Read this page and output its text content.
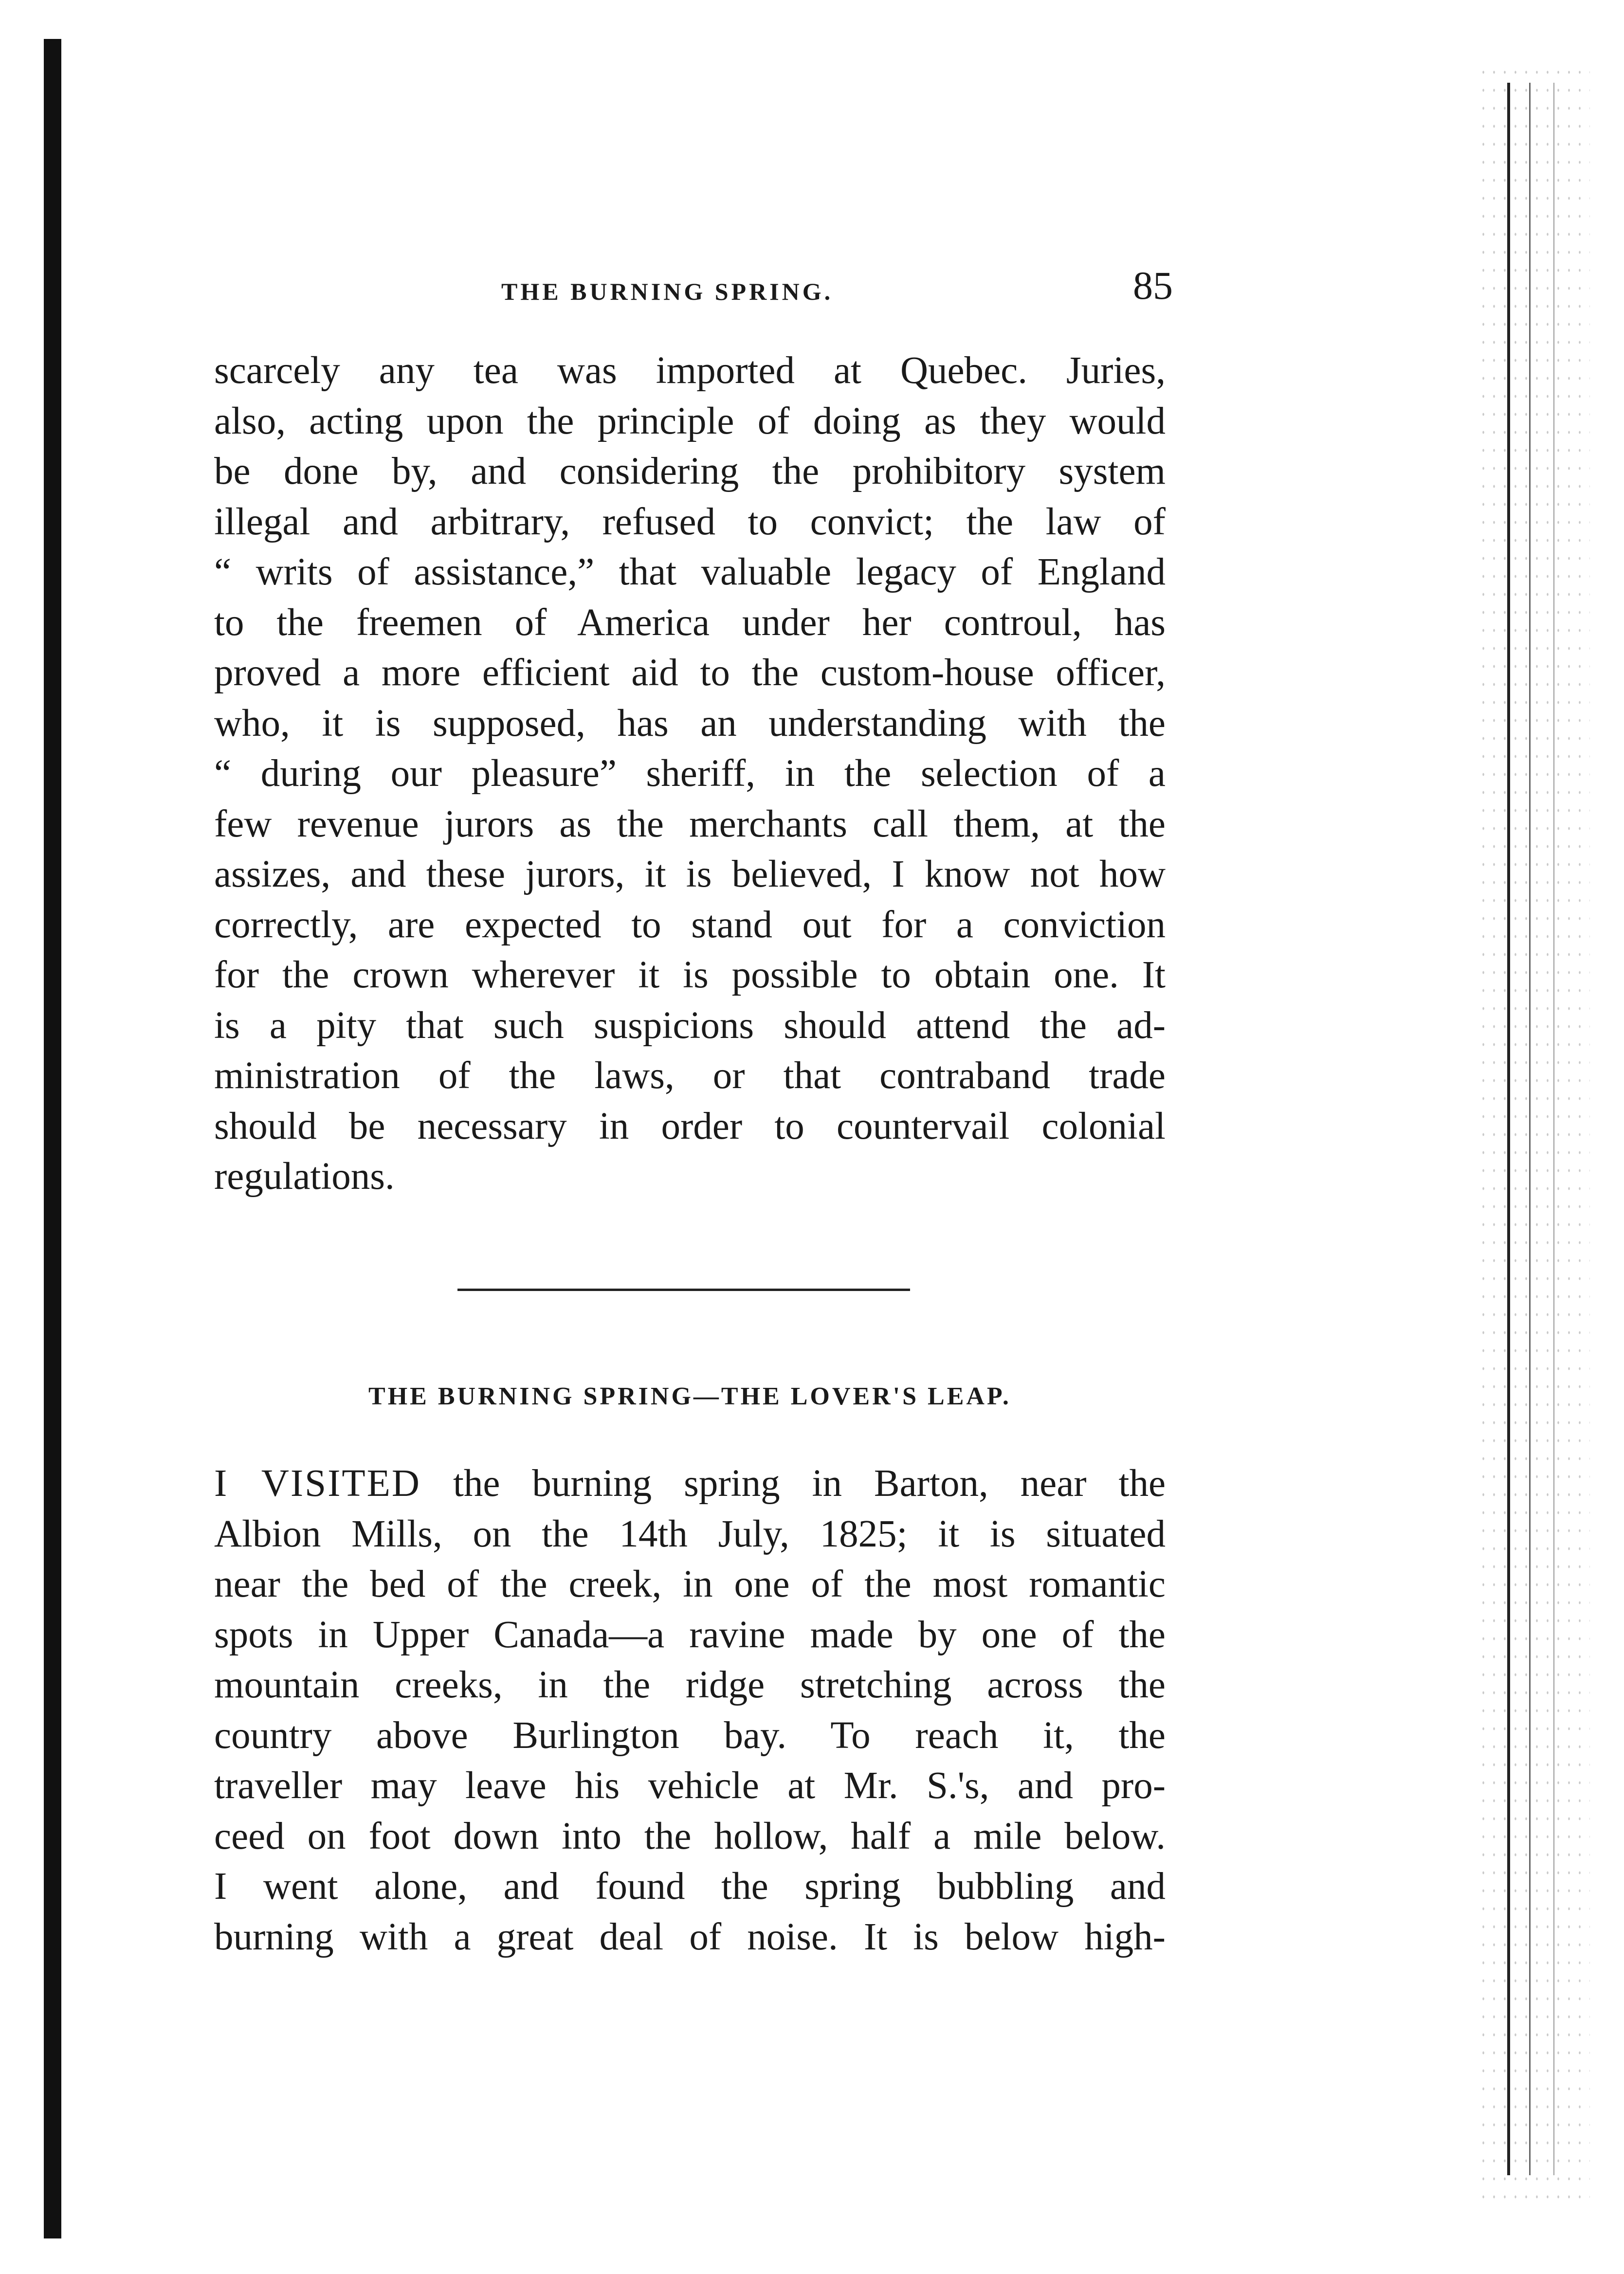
THE BURNING SPRING.	85
scarcely any tea was imported at Quebec. Juries,
also, acting upon the principle of doing as they would
be done by, and considering the prohibitory system
illegal and arbitrary, refused to convict; the law of
“ writs of assistance,” that valuable legacy of England
to the freemen of America under her controul, has
proved a more efficient aid to the custom-house officer,
who, it is supposed, has an understanding with the
“ during our pleasure” sheriff, in the selection of a
few revenue jurors as the merchants call them, at the
assizes, and these jurors, it is believed, I know not how
correctly, are expected to stand out for a conviction
for the crown wherever it is possible to obtain one. It
is a pity that such suspicions should attend the ad-
ministration of the laws, or that contraband trade
should be necessary in order to countervail colonial
regulations.
THE BURNING SPRING—THE LOVER'S LEAP.
I VISITED the burning spring in Barton, near the
Albion Mills, on the 14th July, 1825; it is situated
near the bed of the creek, in one of the most romantic
spots in Upper Canada—a ravine made by one of the
mountain creeks, in the ridge stretching across the
country above Burlington bay. To reach it, the
traveller may leave his vehicle at Mr. S.'s, and pro-
ceed on foot down into the hollow, half a mile below.
I went alone, and found the spring bubbling and
burning with a great deal of noise. It is below high-
